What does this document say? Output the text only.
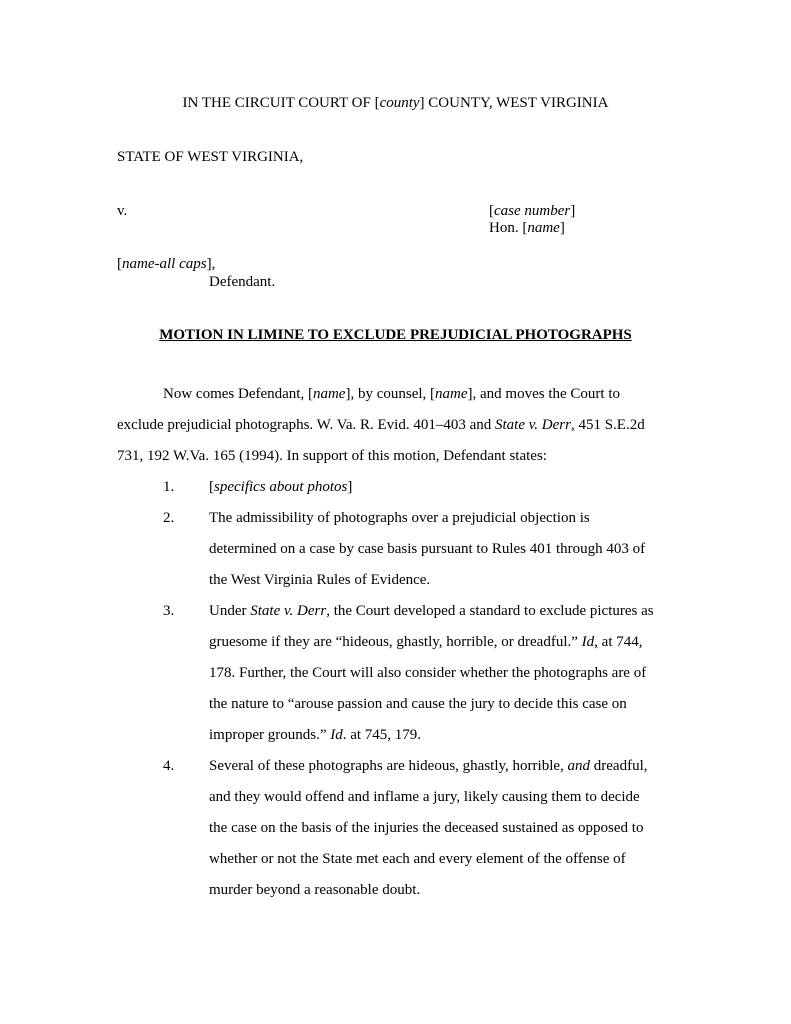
IN THE CIRCUIT COURT OF [county] COUNTY, WEST VIRGINIA
STATE OF WEST VIRGINIA,
v.	[case number]
Hon. [name]
[name-all caps],
Defendant.
MOTION IN LIMINE TO EXCLUDE PREJUDICIAL PHOTOGRAPHS
Now comes Defendant, [name], by counsel, [name], and moves the Court to
exclude prejudicial photographs. W. Va. R. Evid. 401–403 and State v. Derr, 451 S.E.2d
731, 192 W.Va. 165 (1994). In support of this motion, Defendant states:
1. [specifics about photos]
2. The admissibility of photographs over a prejudicial objection is
determined on a case by case basis pursuant to Rules 401 through 403 of
the West Virginia Rules of Evidence.
3. Under State v. Derr, the Court developed a standard to exclude pictures as
gruesome if they are “hideous, ghastly, horrible, or dreadful.” Id, at 744,
178. Further, the Court will also consider whether the photographs are of
the nature to “arouse passion and cause the jury to decide this case on
improper grounds.” Id. at 745, 179.
4. Several of these photographs are hideous, ghastly, horrible, and dreadful,
and they would offend and inflame a jury, likely causing them to decide
the case on the basis of the injuries the deceased sustained as opposed to
whether or not the State met each and every element of the offense of
murder beyond a reasonable doubt.
